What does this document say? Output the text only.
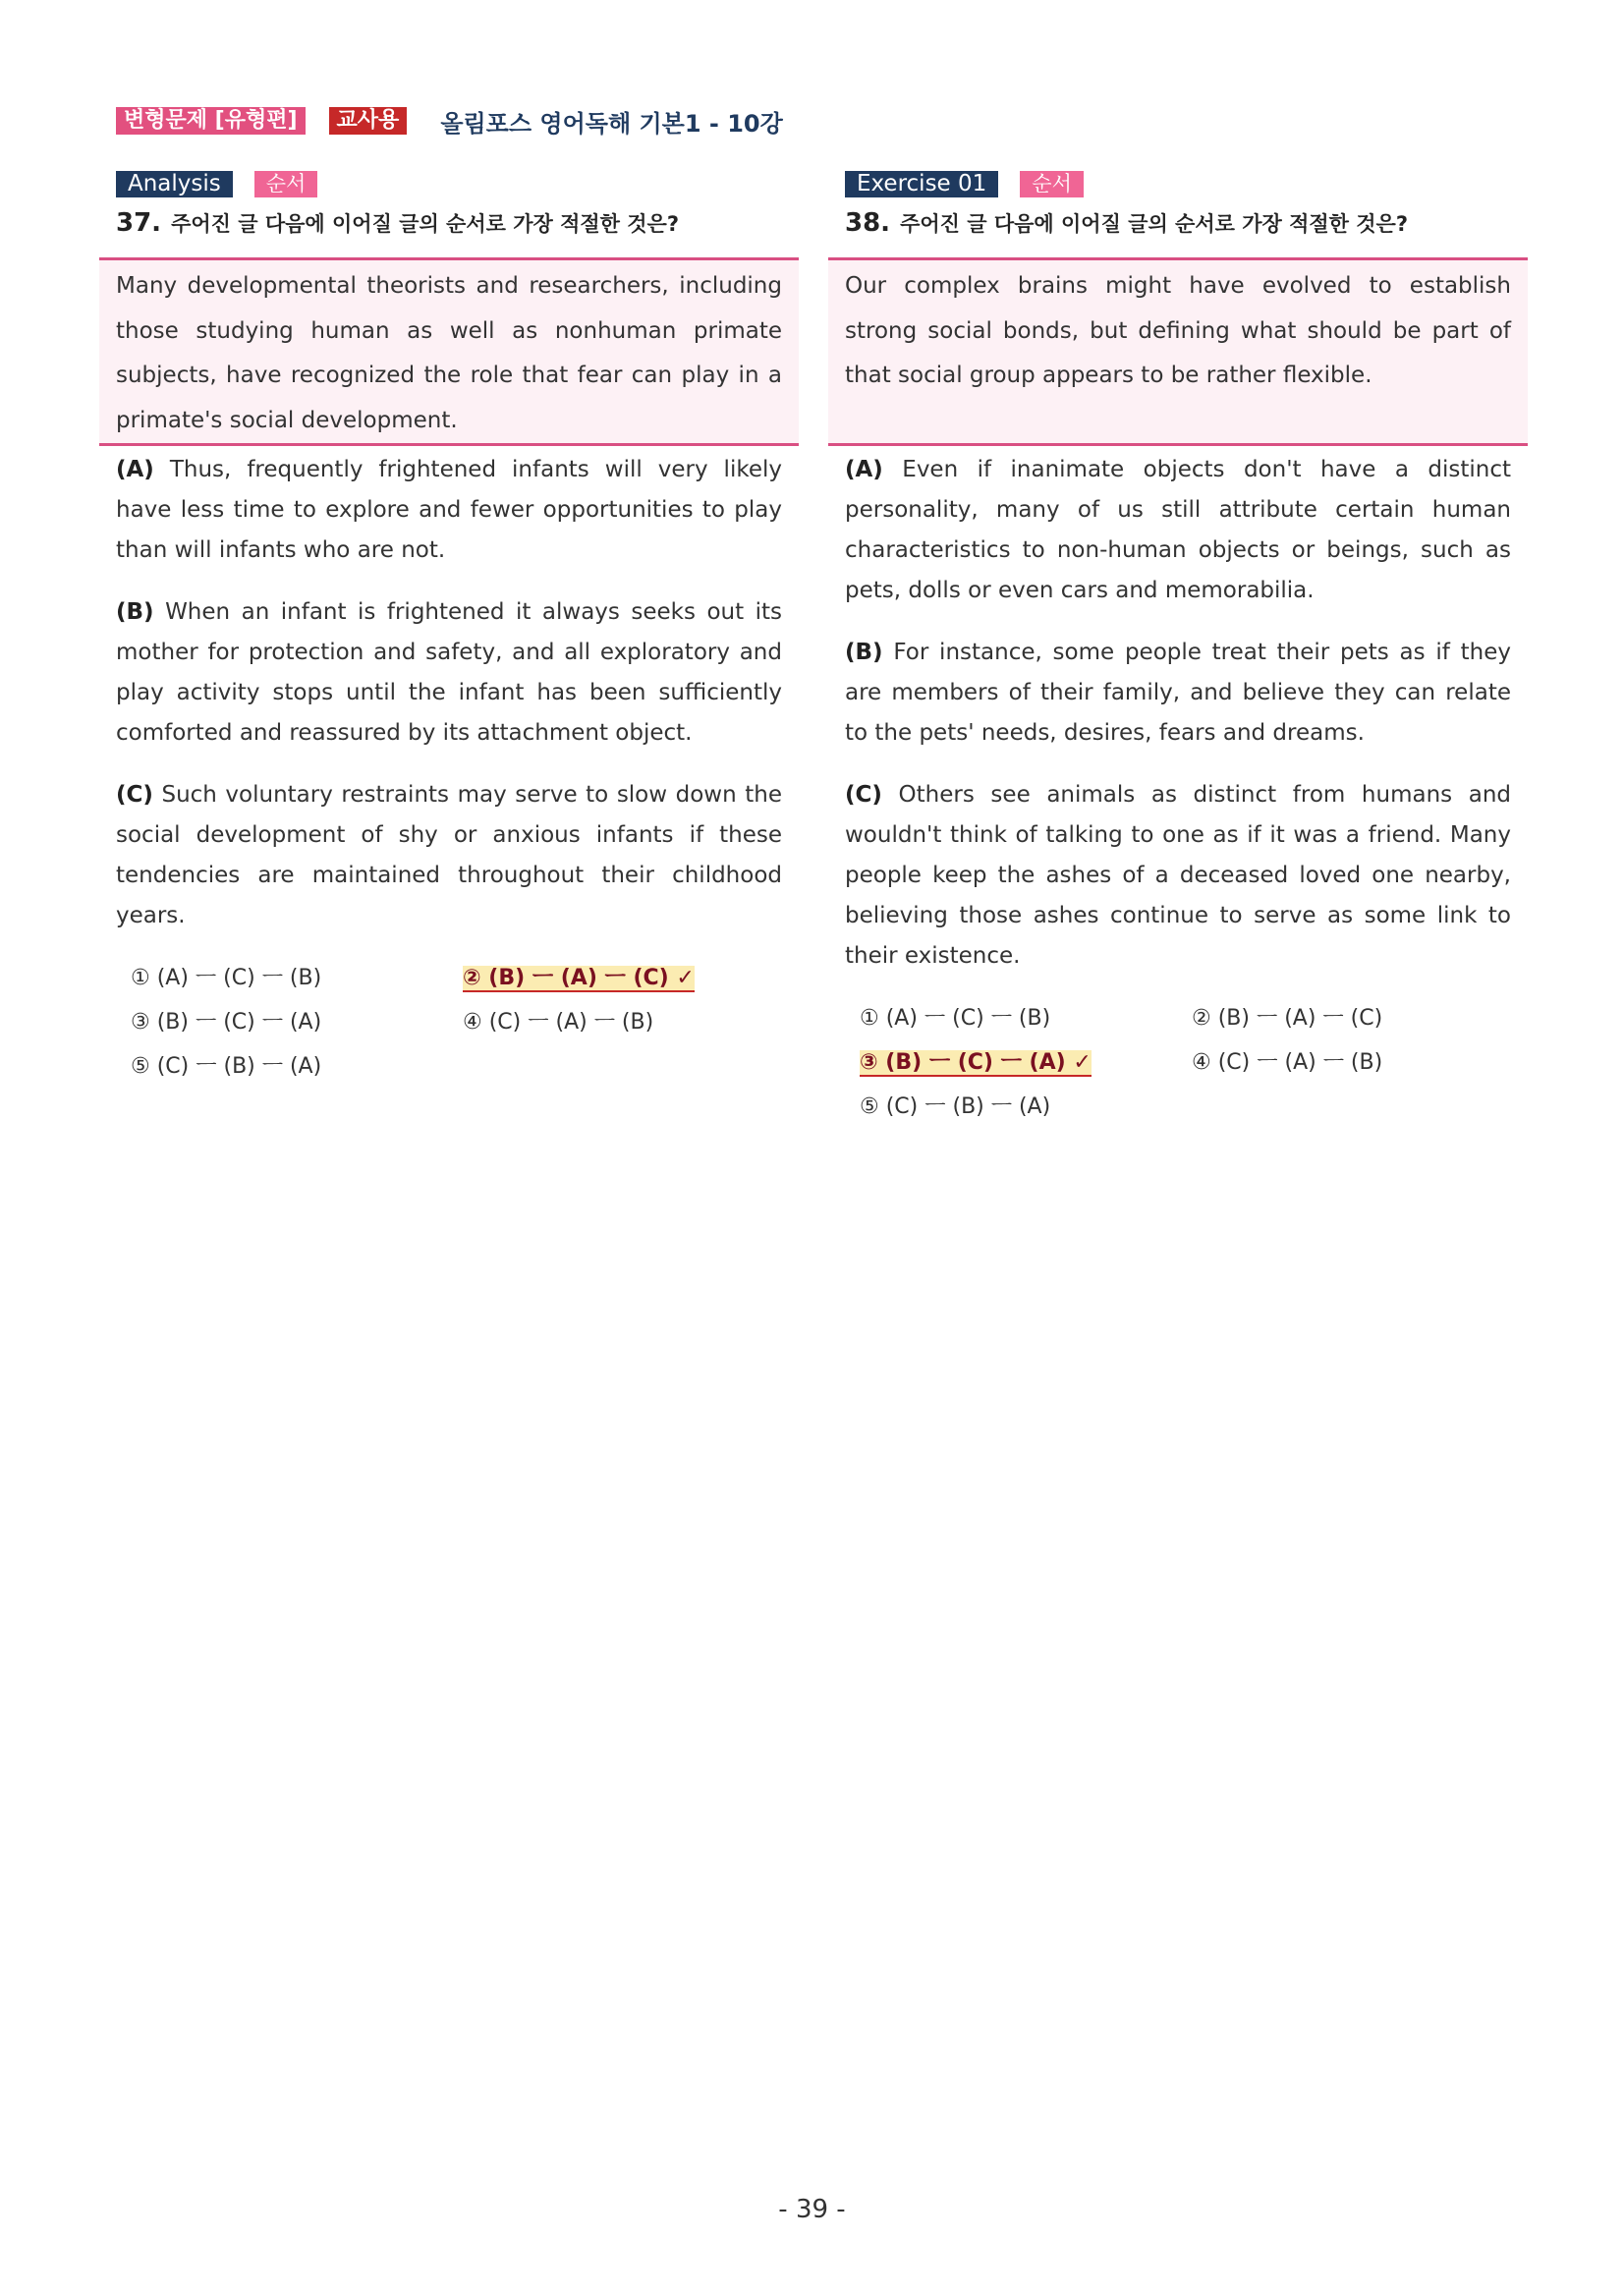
변형문제 [유형편]	교사용	올림포스 영어독해 기본1 - 10강
Analysis	순서
37. 주어진 글 다음에 이어질 글의 순서로 가장 적절한 것은?
Many developmental theorists and researchers, including those studying human as well as nonhuman primate subjects, have recognized the role that fear can play in a primate's social development.
(A) Thus, frequently frightened infants will very likely have less time to explore and fewer opportunities to play than will infants who are not.
(B) When an infant is frightened it always seeks out its mother for protection and safety, and all exploratory and play activity stops until the infant has been sufficiently comforted and reassured by its attachment object.
(C) Such voluntary restraints may serve to slow down the social development of shy or anxious infants if these tendencies are maintained throughout their childhood years.
① (A) ㅡ (C) ㅡ (B)	② (B) ㅡ (A) ㅡ (C) ✓
③ (B) ㅡ (C) ㅡ (A)	④ (C) ㅡ (A) ㅡ (B)
⑤ (C) ㅡ (B) ㅡ (A)
Exercise 01	순서
38. 주어진 글 다음에 이어질 글의 순서로 가장 적절한 것은?
Our complex brains might have evolved to establish strong social bonds, but defining what should be part of that social group appears to be rather flexible.
(A) Even if inanimate objects don't have a distinct personality, many of us still attribute certain human characteristics to non-human objects or beings, such as pets, dolls or even cars and memorabilia.
(B) For instance, some people treat their pets as if they are members of their family, and believe they can relate to the pets' needs, desires, fears and dreams.
(C) Others see animals as distinct from humans and wouldn't think of talking to one as if it was a friend. Many people keep the ashes of a deceased loved one nearby, believing those ashes continue to serve as some link to their existence.
① (A) ㅡ (C) ㅡ (B)	② (B) ㅡ (A) ㅡ (C)
③ (B) ㅡ (C) ㅡ (A) ✓	④ (C) ㅡ (A) ㅡ (B)
⑤ (C) ㅡ (B) ㅡ (A)
- 39 -
